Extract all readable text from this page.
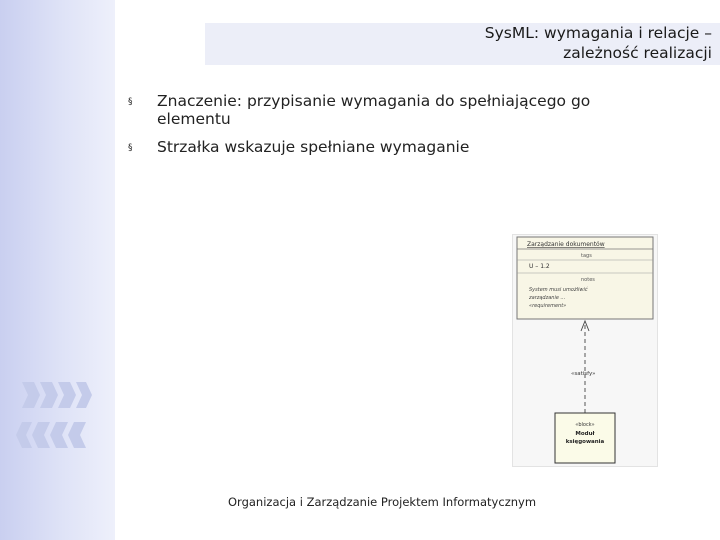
SysML: wymagania i relacje –
zależność realizacji
§ Znaczenie: przypisanie wymagania do spełniającego go elementu
§ Strzałka wskazuje spełniane wymaganie
Zarządzanie dokumentów
tags
U – 1.2
notes
System musi umożliwić
zarządzanie ...
«requirement»
«satisfy»
«block»
Moduł
księgowania
Organizacja i Zarządzanie Projektem Informatycznym
